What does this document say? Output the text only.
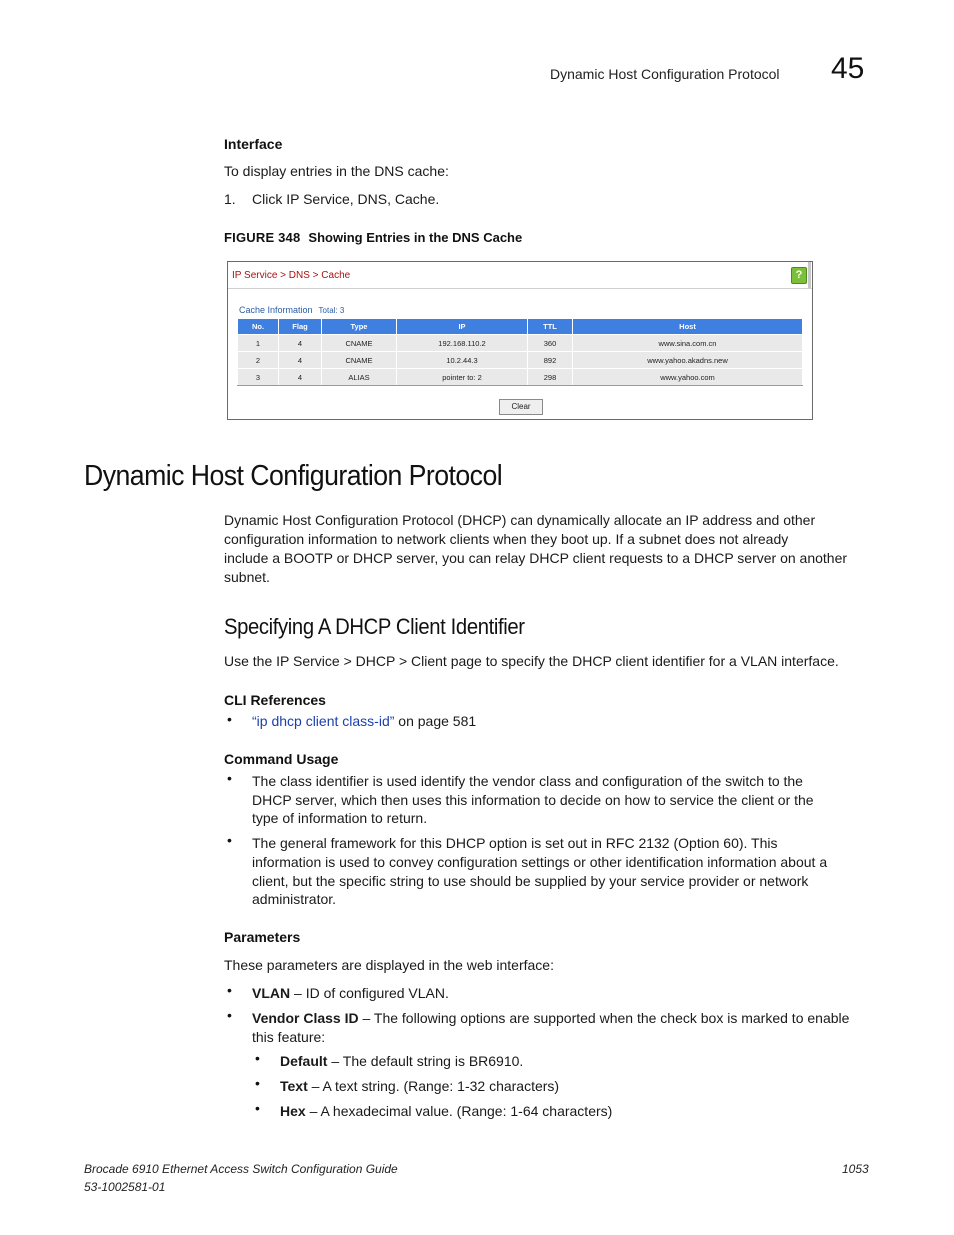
Dynamic Host Configuration Protocol 45
Interface
To display entries in the DNS cache:
1. Click IP Service, DNS, Cache.
FIGURE 348 Showing Entries in the DNS Cache
IP Service > DNS > Cache	?
Cache Information Total: 3
No.	Flag	Type	IP	TTL	Host
1	4	CNAME	192.168.110.2	360	www.sina.com.cn
2	4	CNAME	10.2.44.3	892	www.yahoo.akadns.new
3	4	ALIAS	pointer to: 2	298	www.yahoo.com
Clear
Dynamic Host Configuration Protocol
Dynamic Host Configuration Protocol (DHCP) can dynamically allocate an IP address and other
configuration information to network clients when they boot up. If a subnet does not already
include a BOOTP or DHCP server, you can relay DHCP client requests to a DHCP server on another
subnet.
Specifying A DHCP Client Identifier
Use the IP Service > DHCP > Client page to specify the DHCP client identifier for a VLAN interface.
CLI References
• “ip dhcp client class-id” on page 581
Command Usage
• The class identifier is used identify the vendor class and configuration of the switch to the
DHCP server, which then uses this information to decide on how to service the client or the
type of information to return.
• The general framework for this DHCP option is set out in RFC 2132 (Option 60). This
information is used to convey configuration settings or other identification information about a
client, but the specific string to use should be supplied by your service provider or network
administrator.
Parameters
These parameters are displayed in the web interface:
• VLAN – ID of configured VLAN.
• Vendor Class ID – The following options are supported when the check box is marked to enable
this feature:
• Default – The default string is BR6910.
• Text – A text string. (Range: 1-32 characters)
• Hex – A hexadecimal value. (Range: 1-64 characters)
Brocade 6910 Ethernet Access Switch Configuration Guide
53-1002581-01
1053
